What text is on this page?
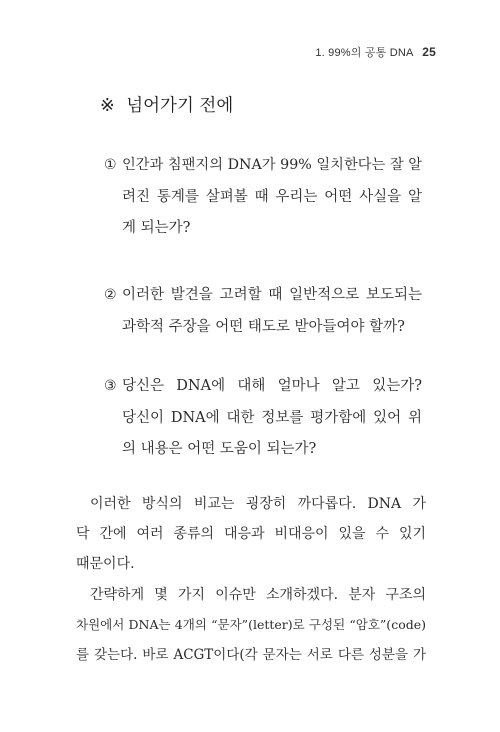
1. 99%의 공통 DNA 25
※ 넘어가기 전에
① 인간과 침팬지의 DNA가 99% 일치한다는 잘 알
려진 통계를 살펴볼 때 우리는 어떤 사실을 알
게 되는가?
② 이러한 발견을 고려할 때 일반적으로 보도되는
과학적 주장을 어떤 태도로 받아들여야 할까?
③ 당신은 DNA에 대해 얼마나 알고 있는가?
당신이 DNA에 대한 정보를 평가함에 있어 위
의 내용은 어떤 도움이 되는가?
이러한 방식의 비교는 굉장히 까다롭다. DNA 가
닥 간에 여러 종류의 대응과 비대응이 있을 수 있기
때문이다.
간략하게 몇 가지 이슈만 소개하겠다. 분자 구조의
차원에서 DNA는 4개의 “문자”(letter)로 구성된 “암호”(code)
를 갖는다. 바로 ACGT이다(각 문자는 서로 다른 성분을 가
